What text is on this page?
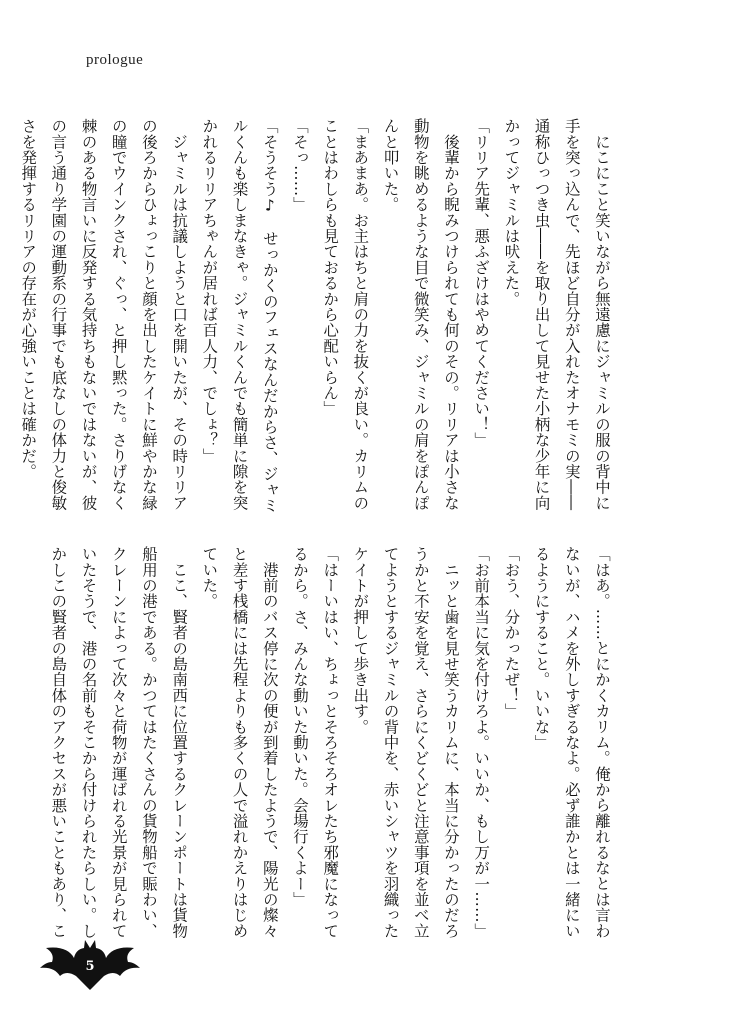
prologue

　にこにこと笑いながら無遠慮にジャミルの服の背中に

手を突っ込んで、先ほど自分が入れたオナモミの実――

通称ひっつき虫――を取り出して見せた小柄な少年に向

かってジャミルは吠えた。

「リリア先輩、悪ふざけはやめてください！」

　後輩から睨みつけられても何のその。リリアは小さな

動物を眺めるような目で微笑み、ジャミルの肩をぽんぽ

んと叩いた。

「まあまあ。お主はちと肩の力を抜くが良い。カリムの

ことはわしらも見ておるから心配いらん」

「そっ……」

「そうそう♪　せっかくのフェスなんだからさ、ジャミ

ルくんも楽しまなきゃ。ジャミルくんでも簡単に隙を突

かれるリリアちゃんが居れば百人力、でしょ？」

　ジャミルは抗議しようと口を開いたが、その時リリア

の後ろからひょっこりと顔を出したケイトに鮮やかな緑

の瞳でウインクされ、ぐっ、と押し黙った。さりげなく

棘のある物言いに反発する気持ちもないではないが、彼

の言う通り学園の運動系の行事でも底なしの体力と俊敏

さを発揮するリリアの存在が心強いことは確かだ。

「はあ。……とにかくカリム。俺から離れるなとは言わ

ないが、ハメを外しすぎるなよ。必ず誰かとは一緒にい

るようにすること。いいな」

「おう、分かったぜ！」

「お前本当に気を付けろよ。いいか、もし万が一……」

　ニッと歯を見せ笑うカリムに、本当に分かったのだろ

うかと不安を覚え、さらにくどくどと注意事項を並べ立

てようとするジャミルの背中を、赤いシャツを羽織った

ケイトが押して歩き出す。

「はーいはい、ちょっとそろそろオレたち邪魔になって

るから。さ、みんな動いた動いた。会場行くよー」

　港前のバス停に次の便が到着したようで、陽光の燦々

と差す桟橋には先程よりも多くの人で溢れかえりはじめ

ていた。

　ここ、賢者の島南西に位置するクレーンポートは貨物

船用の港である。かつてはたくさんの貨物船で賑わい、

クレーンによって次々と荷物が運ばれる光景が見られて

いたそうで、港の名前もそこから付けられたらしい。し

かしこの賢者の島自体のアクセスが悪いこともあり、こ

5
